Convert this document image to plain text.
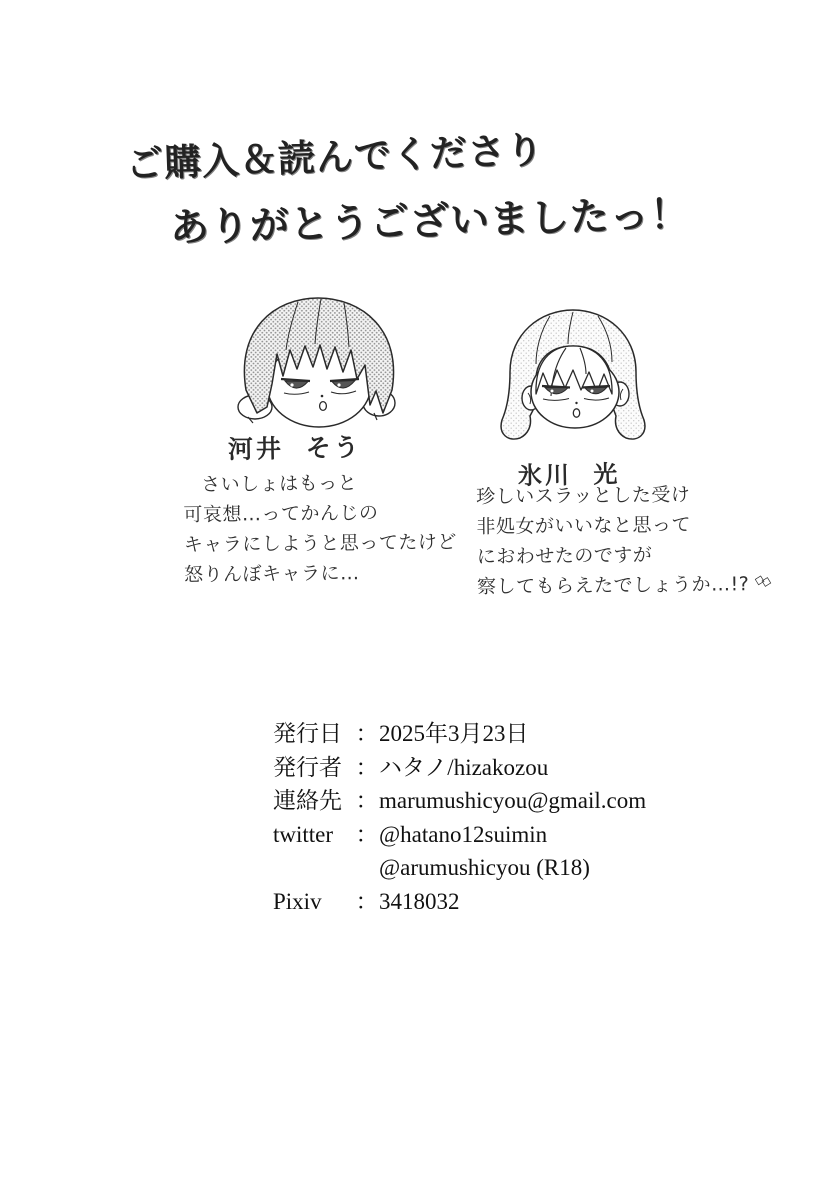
ご購入＆読んでくださり
ありがとうございましたっ！
河井 そう
氷川 光
さいしょはもっと
可哀想…ってかんじの
キャラにしようと思ってたけど
怒りんぼキャラに…
珍しいスラッとした受け
非処女がいいなと思って
におわせたのですが
察してもらえたでしょうか…!? ◇◇
発行日 ： 2025年3月23日
発行者 ： ハタノ/hizakozou
連絡先 ： marumushicyou@gmail.com
twitter ： @hatano12suimin
@arumushicyou (R18)
Pixiv	： 3418032
